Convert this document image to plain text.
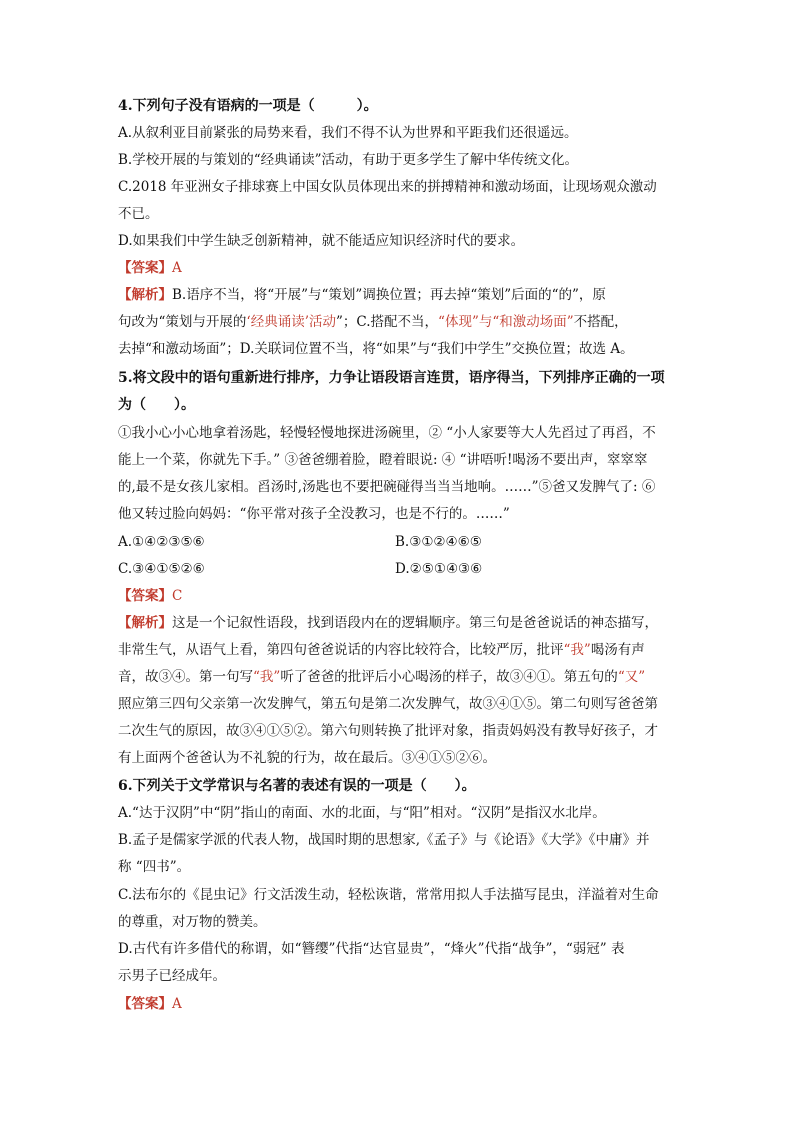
4.下列句子没有语病的一项是（　　　）。
A.从叙利亚目前紧张的局势来看，我们不得不认为世界和平距我们还很遥远。
B.学校开展的与策划的“经典诵读”活动，有助于更多学生了解中华传统文化。
C.2018 年亚洲女子排球赛上中国女队员体现出来的拼搏精神和激动场面，让现场观众激动
不已。
D.如果我们中学生缺乏创新精神，就不能适应知识经济时代的要求。
【答案】A
【解析】B.语序不当，将“开展”与“策划”调换位置；再去掉“策划”后面的“的”，原
句改为“策划与开展的‘经典诵读’活动”；C.搭配不当，“体现”与“和激动场面”不搭配，
去掉“和激动场面”；D.关联词位置不当，将“如果”与“我们中学生”交换位置；故选 A。
5.将文段中的语句重新进行排序，力争让语段语言连贯，语序得当，下列排序正确的一项
为（　　）。
①我小心小心地拿着汤匙，轻慢轻慢地探进汤碗里，② “小人家要等大人先舀过了再舀，不
能上一个菜，你就先下手。” ③爸爸绷着脸，瞪着眼说: ④ “讲唔听!喝汤不要出声，窣窣窣
的,最不是女孩儿家相。舀汤时,汤匙也不要把碗碰得当当当地响。……”⑤爸又发脾气了: ⑥
他又转过脸向妈妈：“你平常对孩子全没教习，也是不行的。……”
A.①④②③⑤⑥	B.③①②④⑥⑤
C.③④①⑤②⑥	D.②⑤①④③⑥
【答案】C
【解析】这是一个记叙性语段，找到语段内在的逻辑顺序。第三句是爸爸说话的神态描写，
非常生气，从语气上看，第四句爸爸说话的内容比较符合，比较严厉，批评“我”喝汤有声
音，故③④。第一句写“我”听了爸爸的批评后小心喝汤的样子，故③④①。第五句的“又”
照应第三四句父亲第一次发脾气，第五句是第二次发脾气，故③④①⑤。第二句则写爸爸第
二次生气的原因，故③④①⑤②。第六句则转换了批评对象，指责妈妈没有教导好孩子，才
有上面两个爸爸认为不礼貌的行为，故在最后。③④①⑤②⑥。
6.下列关于文学常识与名著的表述有误的一项是（　　）。
A.“达于汉阴”中“阴”指山的南面、水的北面，与“阳”相对。“汉阴”是指汉水北岸。
B.孟子是儒家学派的代表人物，战国时期的思想家,《孟子》与《论语》《大学》《中庸》并
称 “四书”。
C.法布尔的《昆虫记》行文活泼生动，轻松诙谐，常常用拟人手法描写昆虫，洋溢着对生命
的尊重，对万物的赞美。
D.古代有许多借代的称谓，如“簪缨”代指“达官显贵”，“烽火”代指“战争”，“弱冠” 表
示男子已经成年。
【答案】A
